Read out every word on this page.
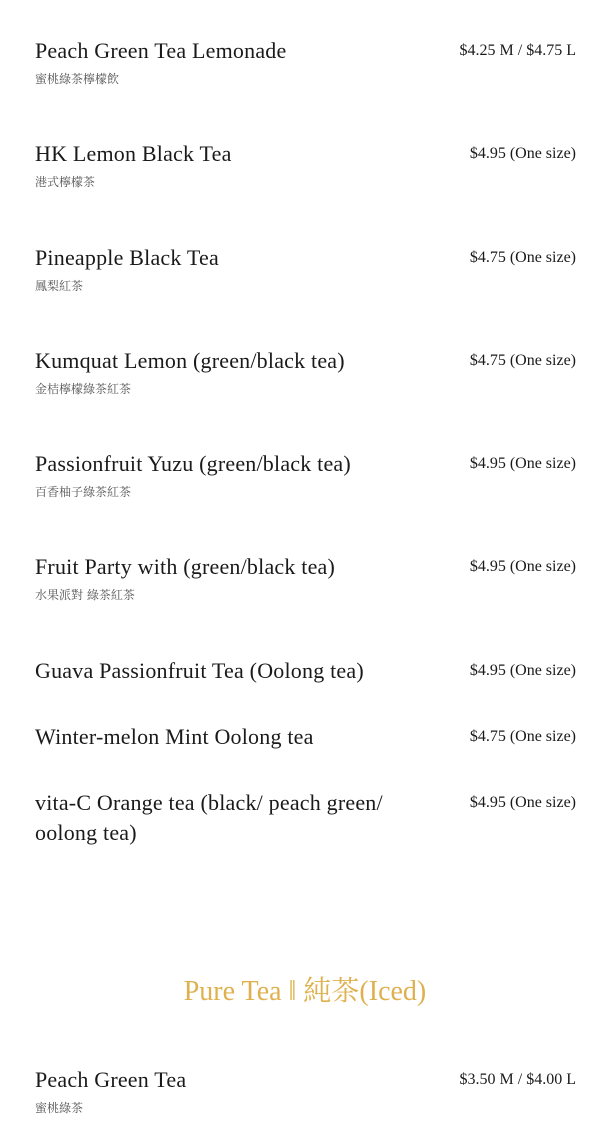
Peach Green Tea Lemonade	$4.25 M / $4.75 L
蜜桃綠茶檸檬飲
HK Lemon Black Tea	$4.95 (One size)
港式檸檬茶
Pineapple Black Tea	$4.75 (One size)
鳳梨紅茶
Kumquat Lemon (green/black tea)	$4.75 (One size)
金桔檸檬綠茶紅茶
Passionfruit Yuzu (green/black tea)	$4.95 (One size)
百香柚子綠茶紅茶
Fruit Party with (green/black tea)	$4.95 (One size)
水果派對 綠茶紅茶
Guava Passionfruit Tea (Oolong tea)	$4.95 (One size)
Winter-melon Mint Oolong tea	$4.75 (One size)
vita-C Orange tea (black/ peach green/ oolong tea)
$4.95 (One size)
Pure Tea ‖ 純茶(Iced)
Peach Green Tea	$3.50 M / $4.00 L
蜜桃綠茶
